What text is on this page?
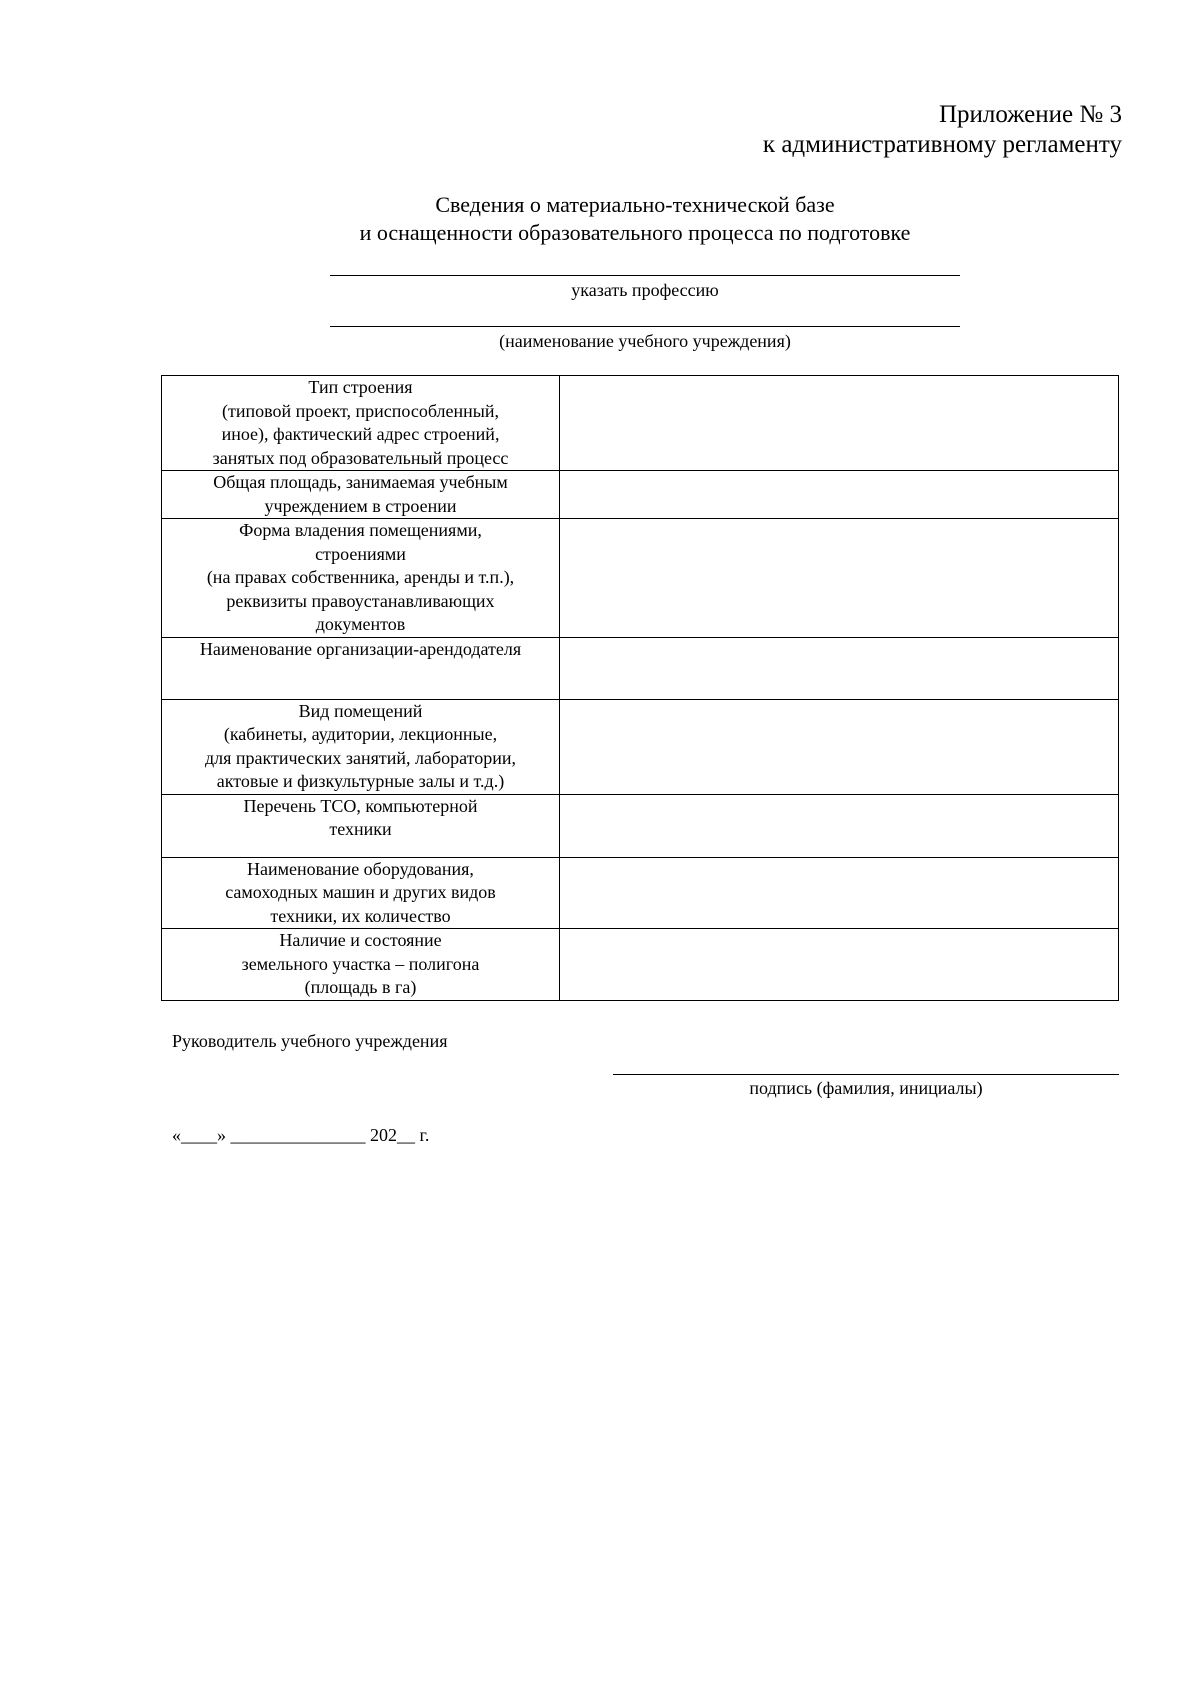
Приложение № 3
к административному регламенту
Сведения о материально-технической базе
и оснащенности образовательного процесса по подготовке
указать профессию
(наименование учебного учреждения)
Тип строения
(типовой проект, приспособленный,
иное), фактический адрес строений,
занятых под образовательный процесс	

Общая площадь, занимаемая учебным
учреждением в строении	

Форма владения помещениями,
строениями
(на правах собственника, аренды и т.п.),
реквизиты правоустанавливающих
документов	

Наименование организации-арендодателя	

Вид помещений
(кабинеты, аудитории, лекционные,
для практических занятий, лаборатории,
актовые и физкультурные залы и т.д.)	

Перечень ТСО, компьютерной
техники	

Наименование оборудования,
самоходных машин и других видов
техники, их количество	

Наличие и состояние
земельного участка – полигона
(площадь в га)	

Руководитель учебного учреждения
подпись (фамилия, инициалы)
«____» _______________ 202__ г.
